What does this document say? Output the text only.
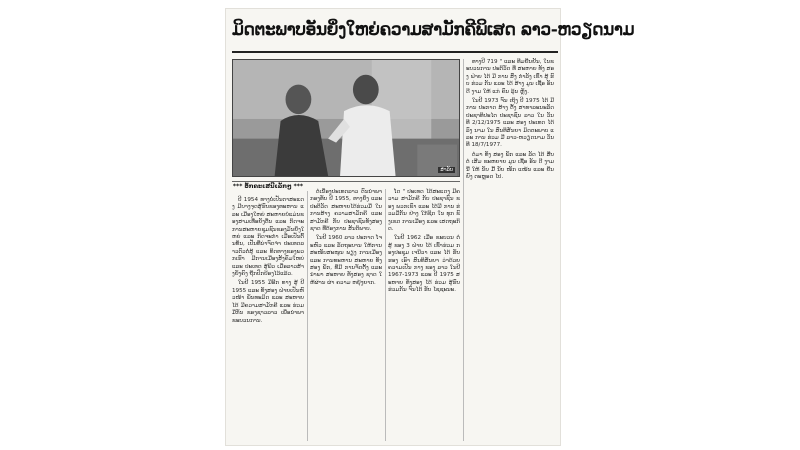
ມິດຕະພາບອັນຍິ່ງໃຫຍ່ຄວາມສາມັກຄີພິເສດ ລາວ-ຫວຽດນາມ
ສຳລັບ
*** ອັກຄະເສນີເລັກໆ ***

ປີ 1954 ທາງບໍ່ເປັນຕາສະແດງ ມີບາງຈຸດສູ້ຮົບຂອງທະຫານ ແລະ ເມືອງໃຫຍ່ ສະຫາຍບໍ່ແມ່ນຂອງສາມເທື່ອຍັງຕື່ນ ແລະ ກິດຈະການສະຫາຍຊຸມຊົນຂອງມັນຍິ່ງໃຫຍ່ ແລະ ກິດຈະກຳ ເມື່ອເປັນຕົ້ນທຶນ, ເປັນທີ່ນ່າຈົດຈຳ ປະເທດລາວຕົວຕໍ່ສູ້ ແລະ ທິດທາງຂອງພວກເຮົາ ມີການເມືອງສັງຄົມໃຫຍ່ ແລະ ປະເທດ ສູ້ພິວ ເມື່ອລາວສ້າງຍັງຄົງ ຖືກປົກປ້ອງໄວ້ແລ້ວ.

ໃນປີ 1955 ມີອີກ ທາງ ສູ້ ປີ 1955 ແລະ ທັງສອງ ຝ່າຍເປັນຫົວໜ້າ ພັນທະມິດ ແລະ ສະຫາຍ ໄດ້ ມີຄວາມສາມັກຄີ ແລະ ຮ່ວມມືກັນ ຂອງຊາວລາວ ເພື່ອນຳພາ ຂະບວນການ.

ຕໍ່ເນື່ອງປະເທດລາວ ຕົນນຳພາກອງທັບ ປີ 1955, ທາງຍິ່ງ ແລະ ປະຕິວັດ ສະຫາຍໄດ້ຮ່ວມມື ໃນການສ້າງ ຄວາມສາມັກຄີ ແລະ ສາມັກຄີ ກັບ ປະຊາຊົນທັງສອງ ຊາດ ທີ່ຕ້ອງການ ສັນຕິພາບ.

ໃນປີ 1960 ລາວ ປະກາດ ໂຈະຫົວ ແລະ ລັດຖະບານ ໃຫ້ການສະໜັບສະໜູນ ພຽງ ການເມືອງ ແລະ ການທະຫານ ສະຫາຍ ທັງສອງ ພັກ, ທີ່ມີ ການຈັດຕັ້ງ ແລະ ນຳພາ ສະຫາຍ ທັງສອງ ຊາດ ໃຫ້ຜ່ານ ຜ່າ ຄວາມ ຫຍຸ້ງຍາກ.

ໂດ " ປະເທດ ໄດ້ສະແດງ ມີຄວາມ ສາມັກຄີ ກັບ ປະຊາຊົນ ຂອງ ພວກເຂົາ ແລະ ໄດ້ມີ ການ ຮ່ວມມືກັນ ຢ່າງ ໃກ້ຊິດ ໃນ ທຸກ ຂົງເຂດ ການເມືອງ ແລະ ເສດຖະກິດ.

ໃນປີ 1962 ເມື່ອ ຂະບວນ ຕໍ່ສູ້ ຂອງ 3 ຝ່າຍ ໄດ້ ເຂົ້າຮ່ວມ ກອງປະຊຸມ ເຈນີວາ ແລະ ໄດ້ ຮັບຮອງ ເອົາ ສົນທິສັນຍາ ວ່າດ້ວຍ ຄວາມເປັນ ກາງ ຂອງ ລາວ ໃນປີ 1967-1973 ແລະ ປີ 1975 ສະຫາຍ ທັງສອງ ໄດ້ ຮ່ວມ ສູ້ຮົບ ຮ່ວມກັນ ຈົນໄດ້ ຮັບ ໄຊຊະນະ.

ທາງປີ 719 " ແລະ ທີມຢືນຢັນ, ໃນຂະບວນການ ປະຕິວັດ ທີ່ ສະຫາຍ ທັງ ສອງ ຝ່າຍ ໄດ້ ມີ ການ ສົ່ງ ກຳລັງ ເຂົ້າ ສູ້ ຮົບ ຮ່ວມ ກັນ ແລະ ໄດ້ ສ້າງ ມູນ ເຊື້ອ ອັນ ດີ ງາມ ໃຫ້ ແກ່ ຄົນ ລຸ້ນ ຫຼັງ.

ໃນປີ 1973 ຈົນ ເຖິງ ປີ 1975 ໄດ້ ມີ ການ ປະກາດ ສ້າງ ຕັ້ງ ສາທາລະນະລັດ ປະຊາທິປະໄຕ ປະຊາຊົນ ລາວ ໃນ ວັນ ທີ 2/12/1975 ແລະ ສອງ ປະເທດ ໄດ້ ລົງ ນາມ ໃນ ສົນທິສັນຍາ ມິດຕະພາບ ແລະ ການ ຮ່ວມ ມື ລາວ-ຫວຽດນາມ ວັນ ທີ 18/7/1977.

ຕໍ່ມາ ທັງ ສອງ ພັກ ແລະ ລັດ ໄດ້ ສືບ ຕໍ່ ເສີມ ຂະຫຍາຍ ມູນ ເຊື້ອ ອັນ ດີ ງາມ ນີ້ ໃຫ້ ນັບ ມື້ ນັບ ໜັກ ແໜ້ນ ແລະ ຍືນ ຍົງ ຕະຫຼອດ ໄປ.
